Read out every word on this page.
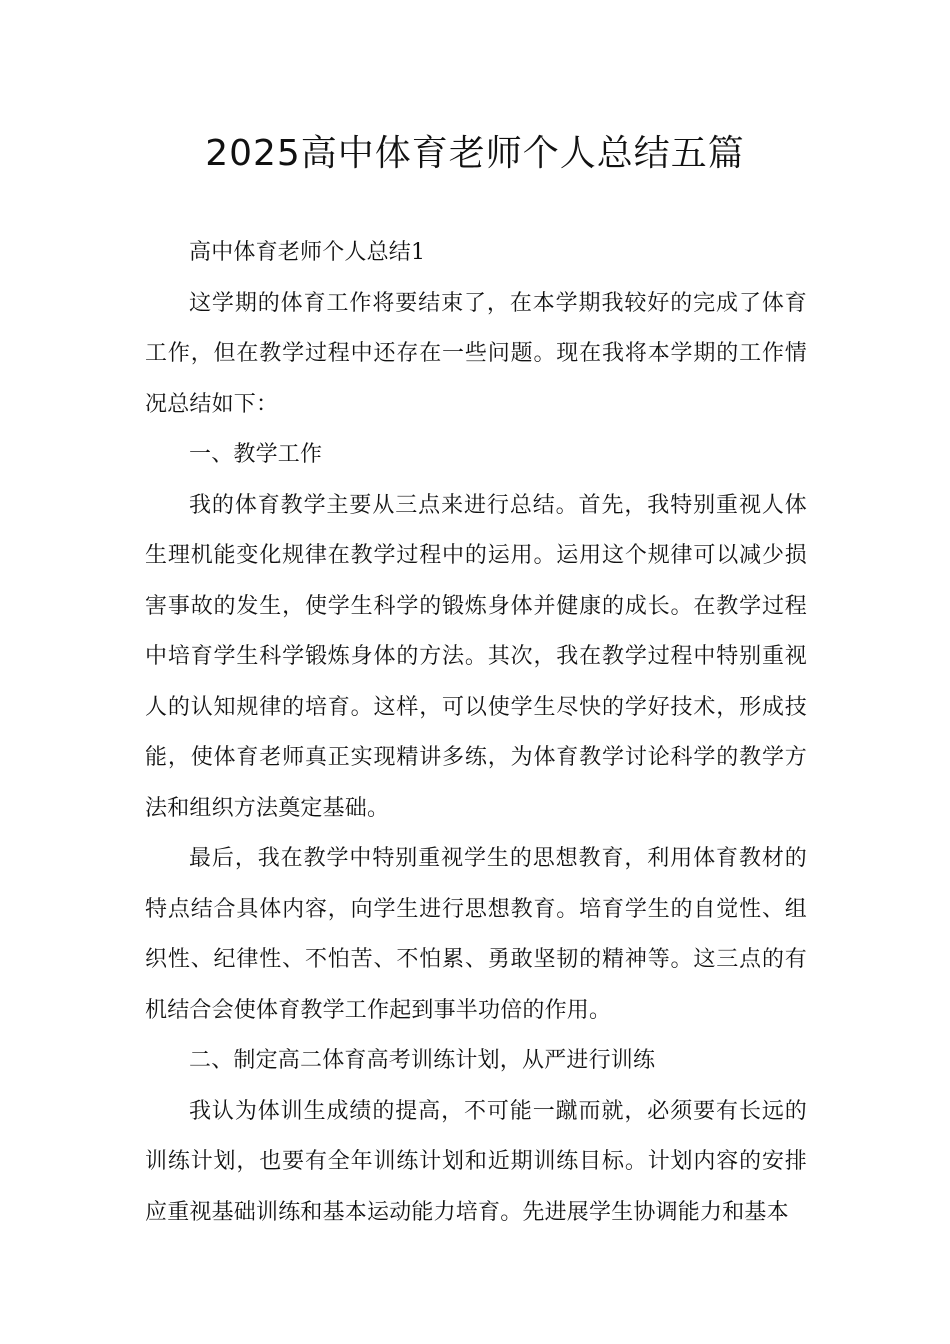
2025高中体育老师个人总结五篇

高中体育老师个人总结1

这学期的体育工作将要结束了，在本学期我较好的完成了体育工作，但在教学过程中还存在一些问题。现在我将本学期的工作情况总结如下：

一、教学工作

我的体育教学主要从三点来进行总结。首先，我特别重视人体生理机能变化规律在教学过程中的运用。运用这个规律可以减少损害事故的发生，使学生科学的锻炼身体并健康的成长。在教学过程中培育学生科学锻炼身体的方法。其次，我在教学过程中特别重视人的认知规律的培育。这样，可以使学生尽快的学好技术，形成技能，使体育老师真正实现精讲多练，为体育教学讨论科学的教学方法和组织方法奠定基础。

最后，我在教学中特别重视学生的思想教育，利用体育教材的特点结合具体内容，向学生进行思想教育。培育学生的自觉性、组织性、纪律性、不怕苦、不怕累、勇敢坚韧的精神等。这三点的有机结合会使体育教学工作起到事半功倍的作用。

二、制定高二体育高考训练计划，从严进行训练

我认为体训生成绩的提高，不可能一蹴而就，必须要有长远的训练计划，也要有全年训练计划和近期训练目标。计划内容的安排应重视基础训练和基本运动能力培育。先进展学生协调能力和基本
